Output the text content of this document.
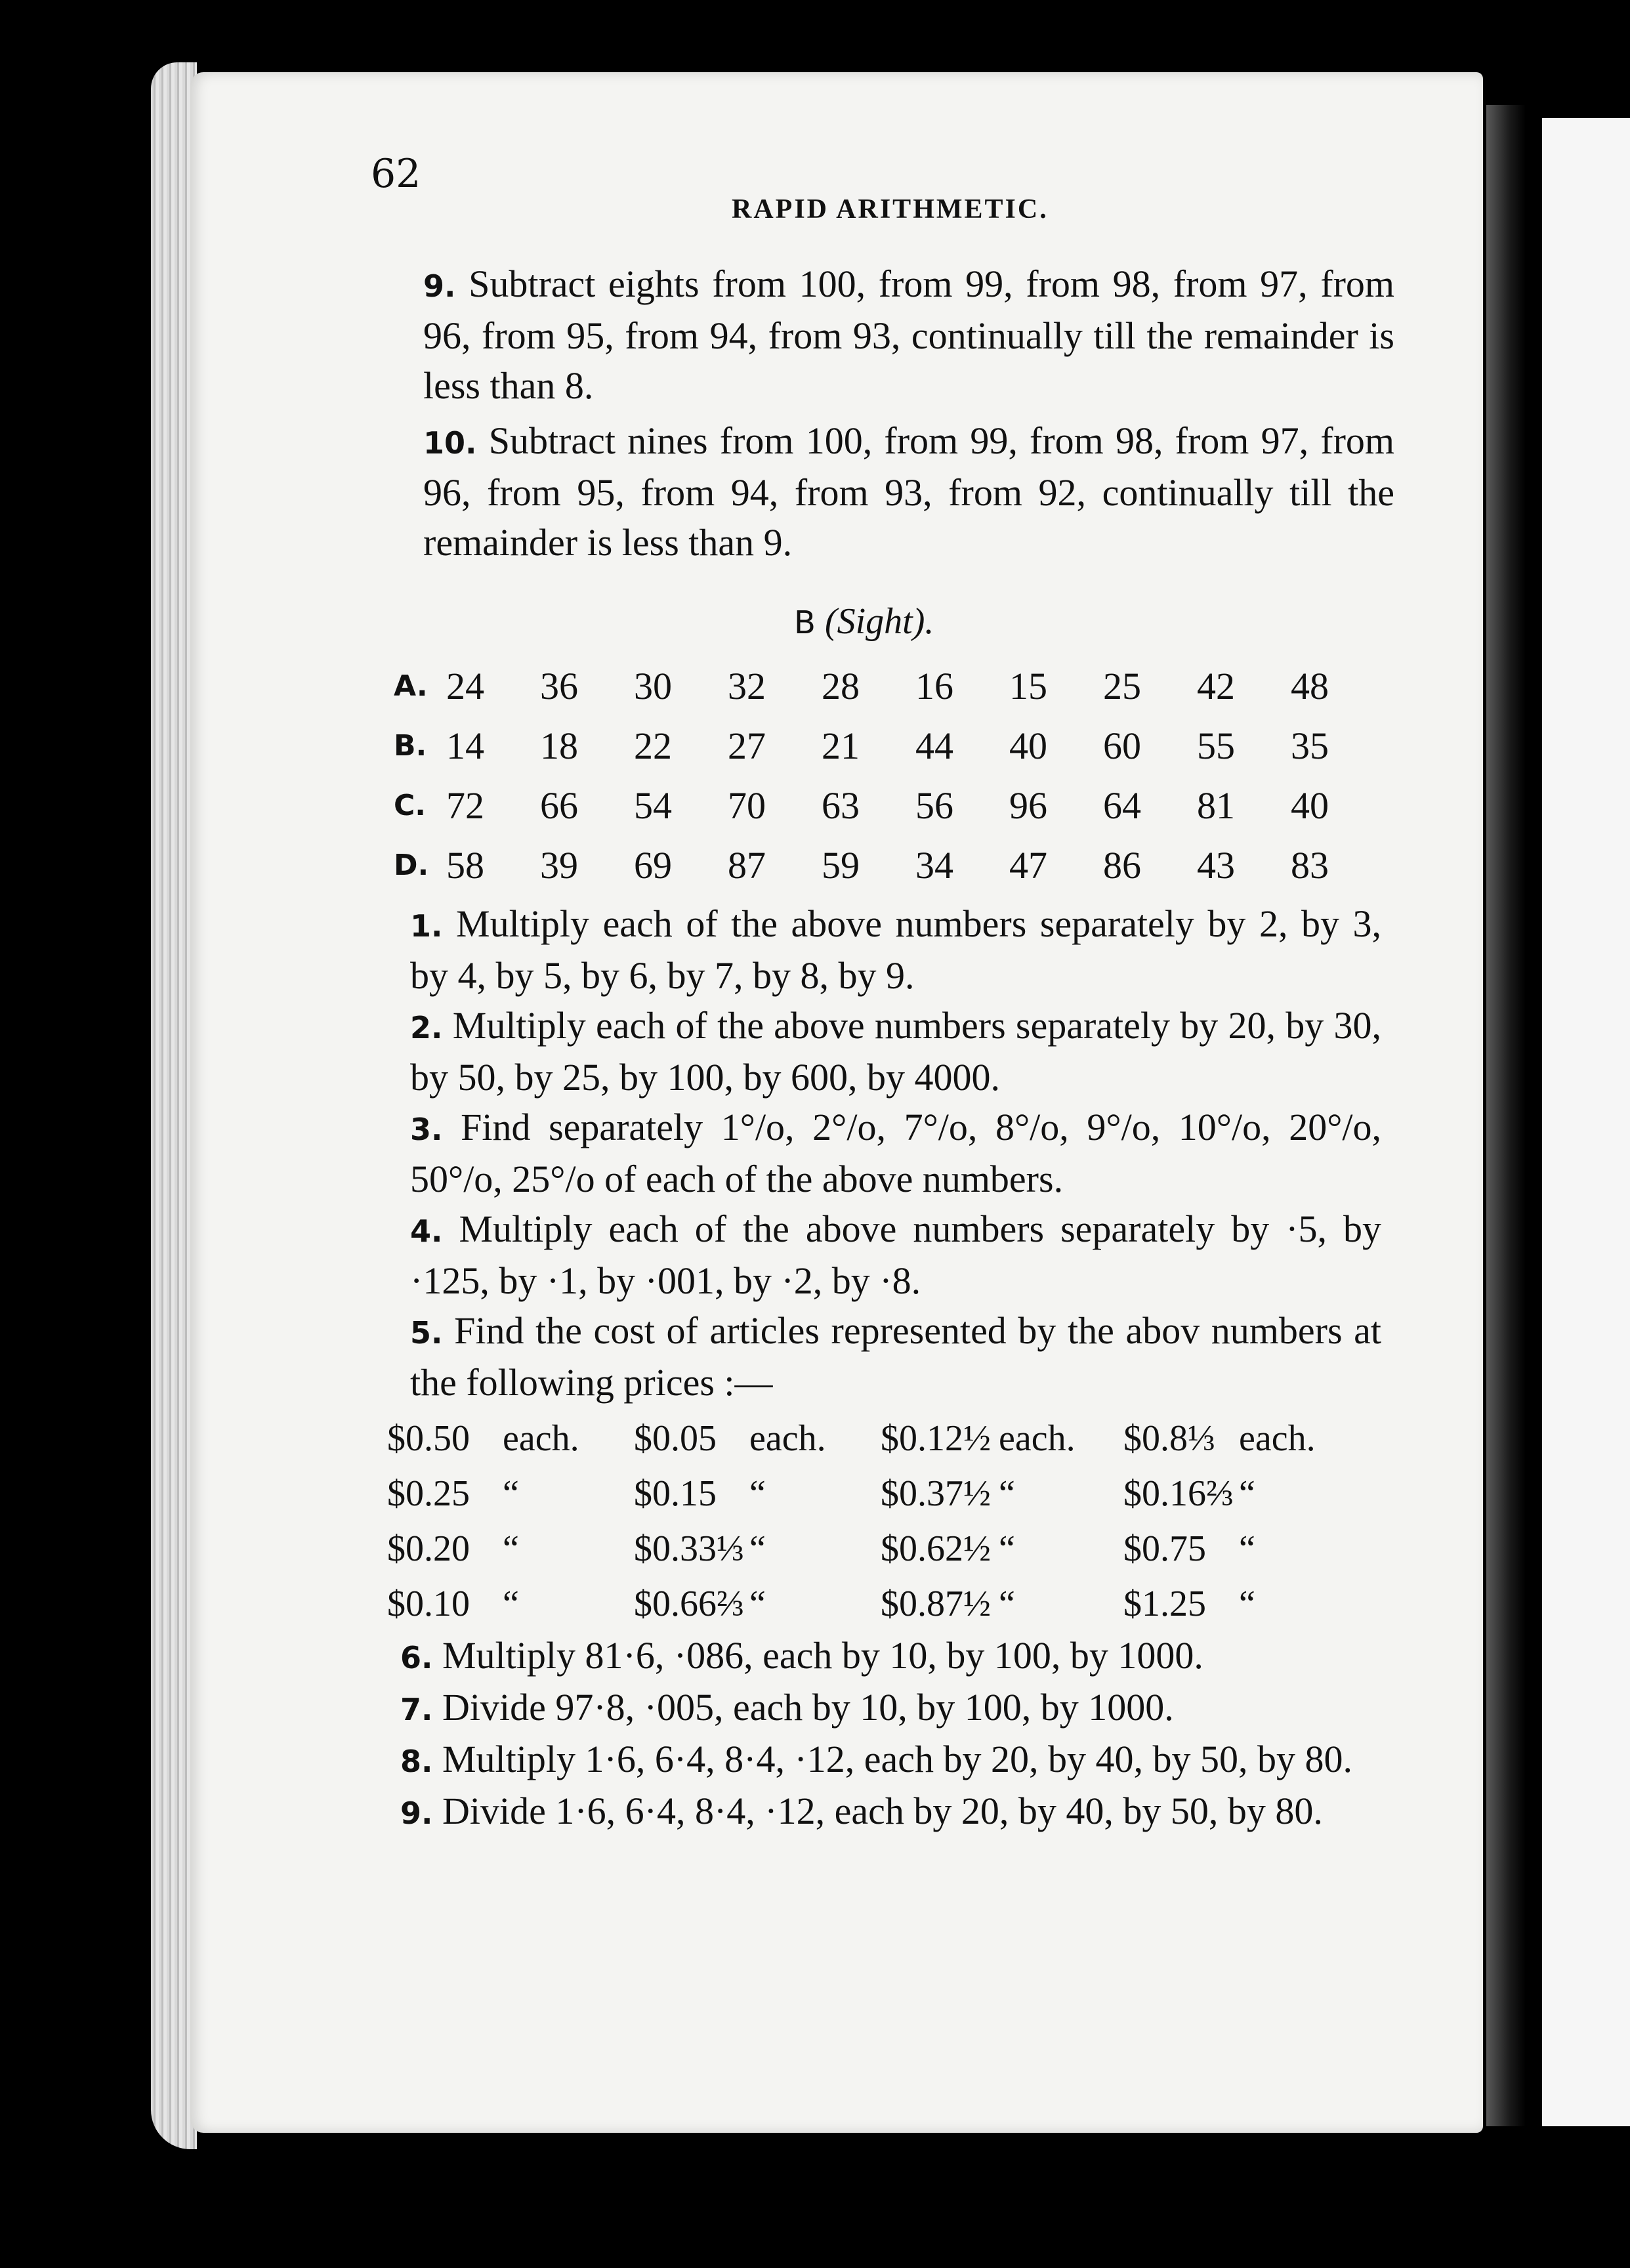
62
RAPID ARITHMETIC.

9. Subtract eights from 100, from 99, from 98, from 97, from 96, from 95, from 94, from 93, continually till the remainder is less than 8.

10. Subtract nines from 100, from 99, from 98, from 97, from 96, from 95, from 94, from 93, from 92, continually till the remainder is less than 9.

B (Sight).
A.	24	36	30	32	28	16	15	25	42	48
B.	14	18	22	27	21	44	40	60	55	35
C.	72	66	54	70	63	56	96	64	81	40
D.	58	39	69	87	59	34	47	86	43	83

1. Multiply each of the above numbers separately by 2, by 3, by 4, by 5, by 6, by 7, by 8, by 9.

2. Multiply each of the above numbers separately by 20, by 30, by 50, by 25, by 100, by 600, by 4000.

3. Find separately 1°/o, 2°/o, 7°/o, 8°/o, 9°/o, 10°/o, 20°/o, 50°/o, 25°/o of each of the above numbers.

4. Multiply each of the above numbers separately by ·5, by ·125, by ·1, by ·001, by ·2, by ·8.

5. Find the cost of articles represented by the abov numbers at the following prices :—

$0.50	each.	$0.05	each.	$0.12½	each.	$0.8⅓	each.
$0.25	“	$0.15	“	$0.37½	“	$0.16⅔	“
$0.20	“	$0.33⅓	“	$0.62½	“	$0.75	“
$0.10	“	$0.66⅔	“	$0.87½	“	$1.25	“

6. Multiply 81·6, ·086, each by 10, by 100, by 1000.

7. Divide 97·8, ·005, each by 10, by 100, by 1000.

8. Multiply 1·6, 6·4, 8·4, ·12, each by 20, by 40, by 50, by 80.

9. Divide 1·6, 6·4, 8·4, ·12, each by 20, by 40, by 50, by 80.
